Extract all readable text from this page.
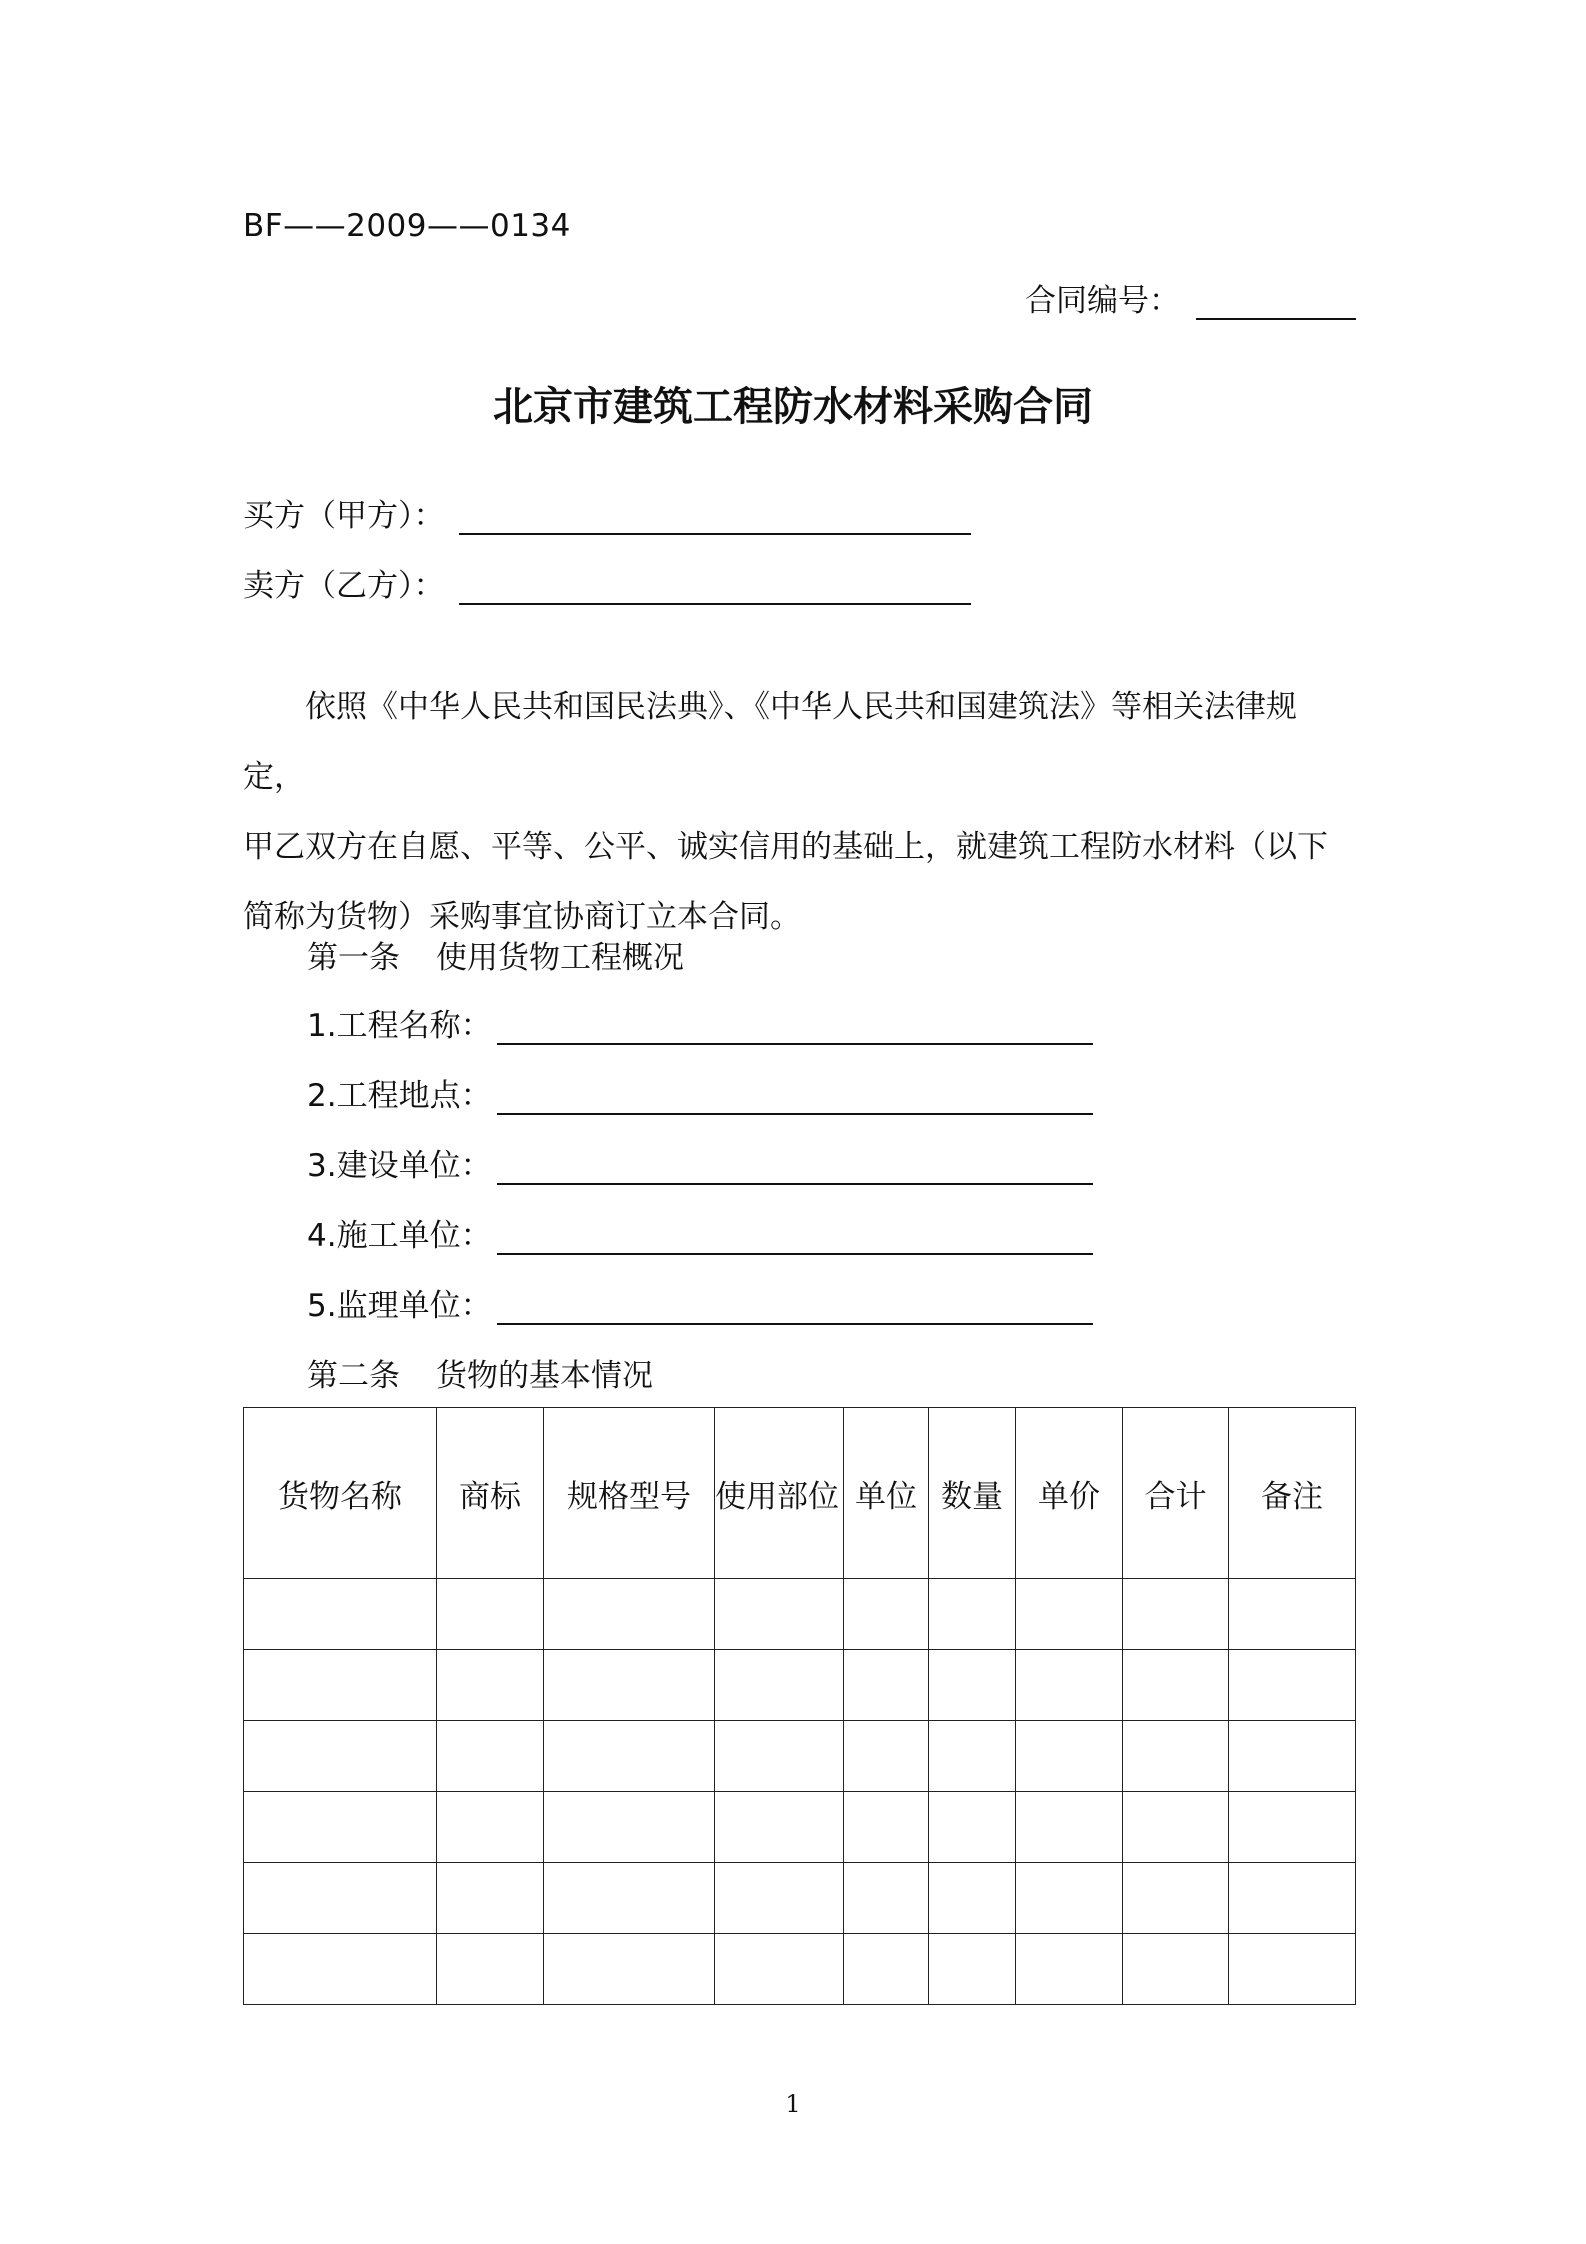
BF——2009——0134
合同编号：
北京市建筑工程防水材料采购合同
买方（甲方）：
卖方（乙方）：

依照《中华人民共和国民法典》、《中华人民共和国建筑法》等相关法律规定，

甲乙双方在自愿、平等、公平、诚实信用的基础上，就建筑工程防水材料（以下

简称为货物）采购事宜协商订立本合同。

第一条 使用货物工程概况
1.工程名称：
2.工程地点：
3.建设单位：
4.施工单位：
5.监理单位：
第二条 货物的基本情况
货物名称	商标	规格型号	使用部位	单位	数量	单价	合计	备注

1
